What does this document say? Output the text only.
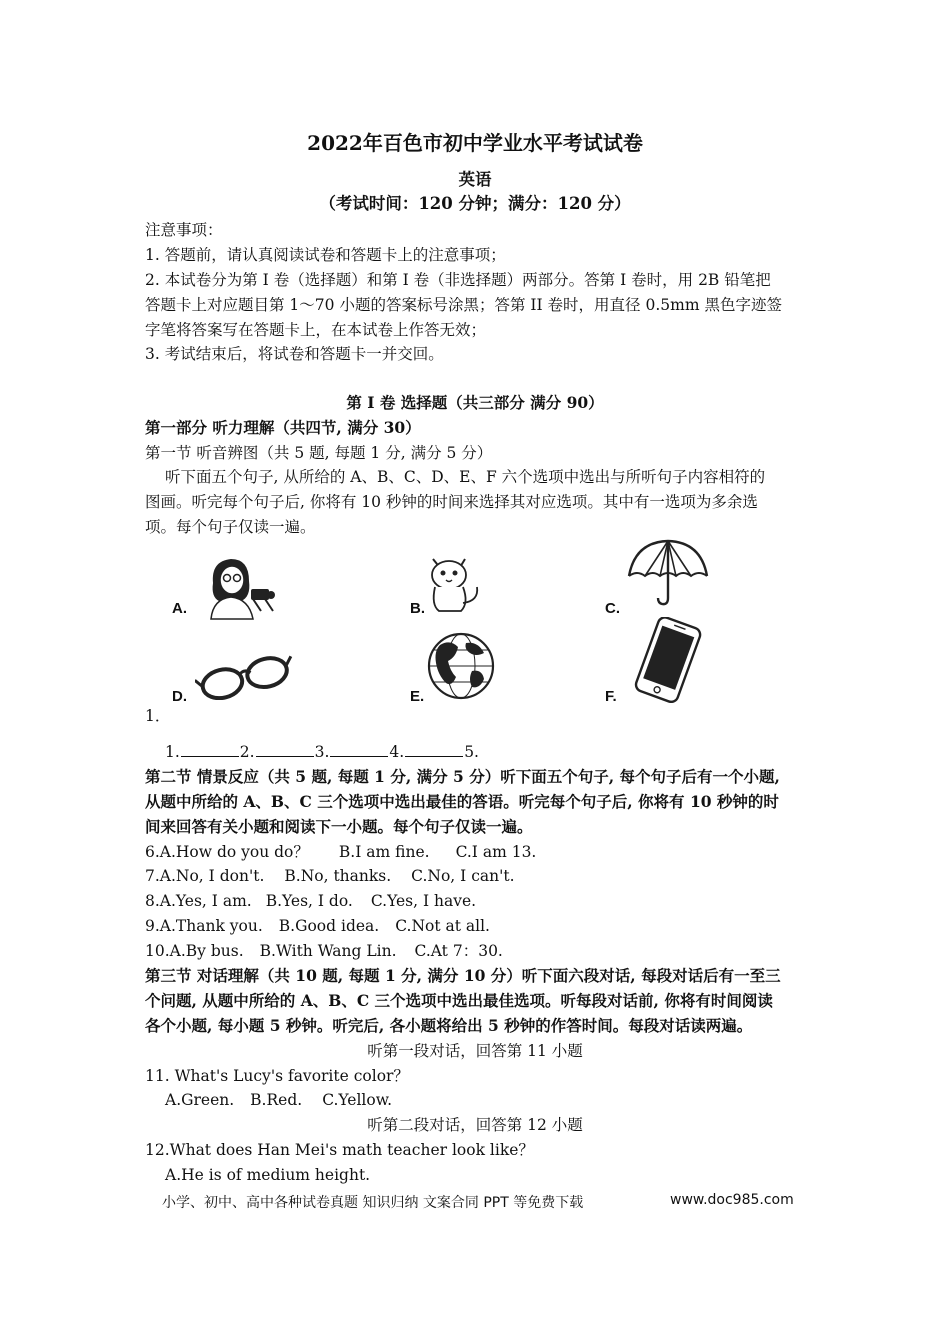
2022年百色市初中学业水平考试试卷
英语
（考试时间：120 分钟；满分：120 分）
注意事项：
1. 答题前，请认真阅读试卷和答题卡上的注意事项；
2. 本试卷分为第 I 卷（选择题）和第 I 卷（非选择题）两部分。答第 I 卷时，用 2B 铅笔把
答题卡上对应题目第 1～70 小题的答案标号涂黑；答第 II 卷时，用直径 0.5mm 黑色字迹签
字笔将答案写在答题卡上，在本试卷上作答无效；
3. 考试结束后，将试卷和答题卡一并交回。
第 I 卷 选择题（共三部分 满分 90）
第一部分 听力理解（共四节, 满分 30）
第一节 听音辨图（共 5 题, 每题 1 分, 满分 5 分）
听下面五个句子, 从所给的 A、B、C、D、E、F 六个选项中选出与所听句子内容相符的
图画。听完每个句子后, 你将有 10 秒钟的时间来选择其对应选项。其中有一选项为多余选
项。每个句子仅读一遍。
A.	B.	C.
D.	E.	F.
1．
1.	2.	3.	4.	5.
第二节 情景反应（共 5 题, 每题 1 分, 满分 5 分）听下面五个句子, 每个句子后有一个小题,
从题中所给的 A、B、C 三个选项中选出最佳的答语。听完每个句子后, 你将有 10 秒钟的时
间来回答有关小题和阅读下一小题。每个句子仅读一遍。
6.A.How do you do？ B.I am fine. C.I am 13.
7.A.No, I don't. B.No, thanks. C.No, I can't.
8.A.Yes, I am. B.Yes, I do. C.Yes, I have.
9.A.Thank you. B.Good idea. C.Not at all.
10.A.By bus. B.With Wang Lin. C.At 7：30.
第三节 对话理解（共 10 题, 每题 1 分, 满分 10 分）听下面六段对话, 每段对话后有一至三
个问题, 从题中所给的 A、B、C 三个选项中选出最佳选项。听每段对话前, 你将有时间阅读
各个小题, 每小题 5 秒钟。听完后, 各小题将给出 5 秒钟的作答时间。每段对话读两遍。
听第一段对话，回答第 11 小题
11. What's Lucy's favorite color？
A.Green. B.Red. C.Yellow.
听第二段对话，回答第 12 小题
12.What does Han Mei's math teacher look like？
A.He is of medium height.
小学、初中、高中各种试卷真题 知识归纳 文案合同 PPT 等免费下载	www.doc985.com
